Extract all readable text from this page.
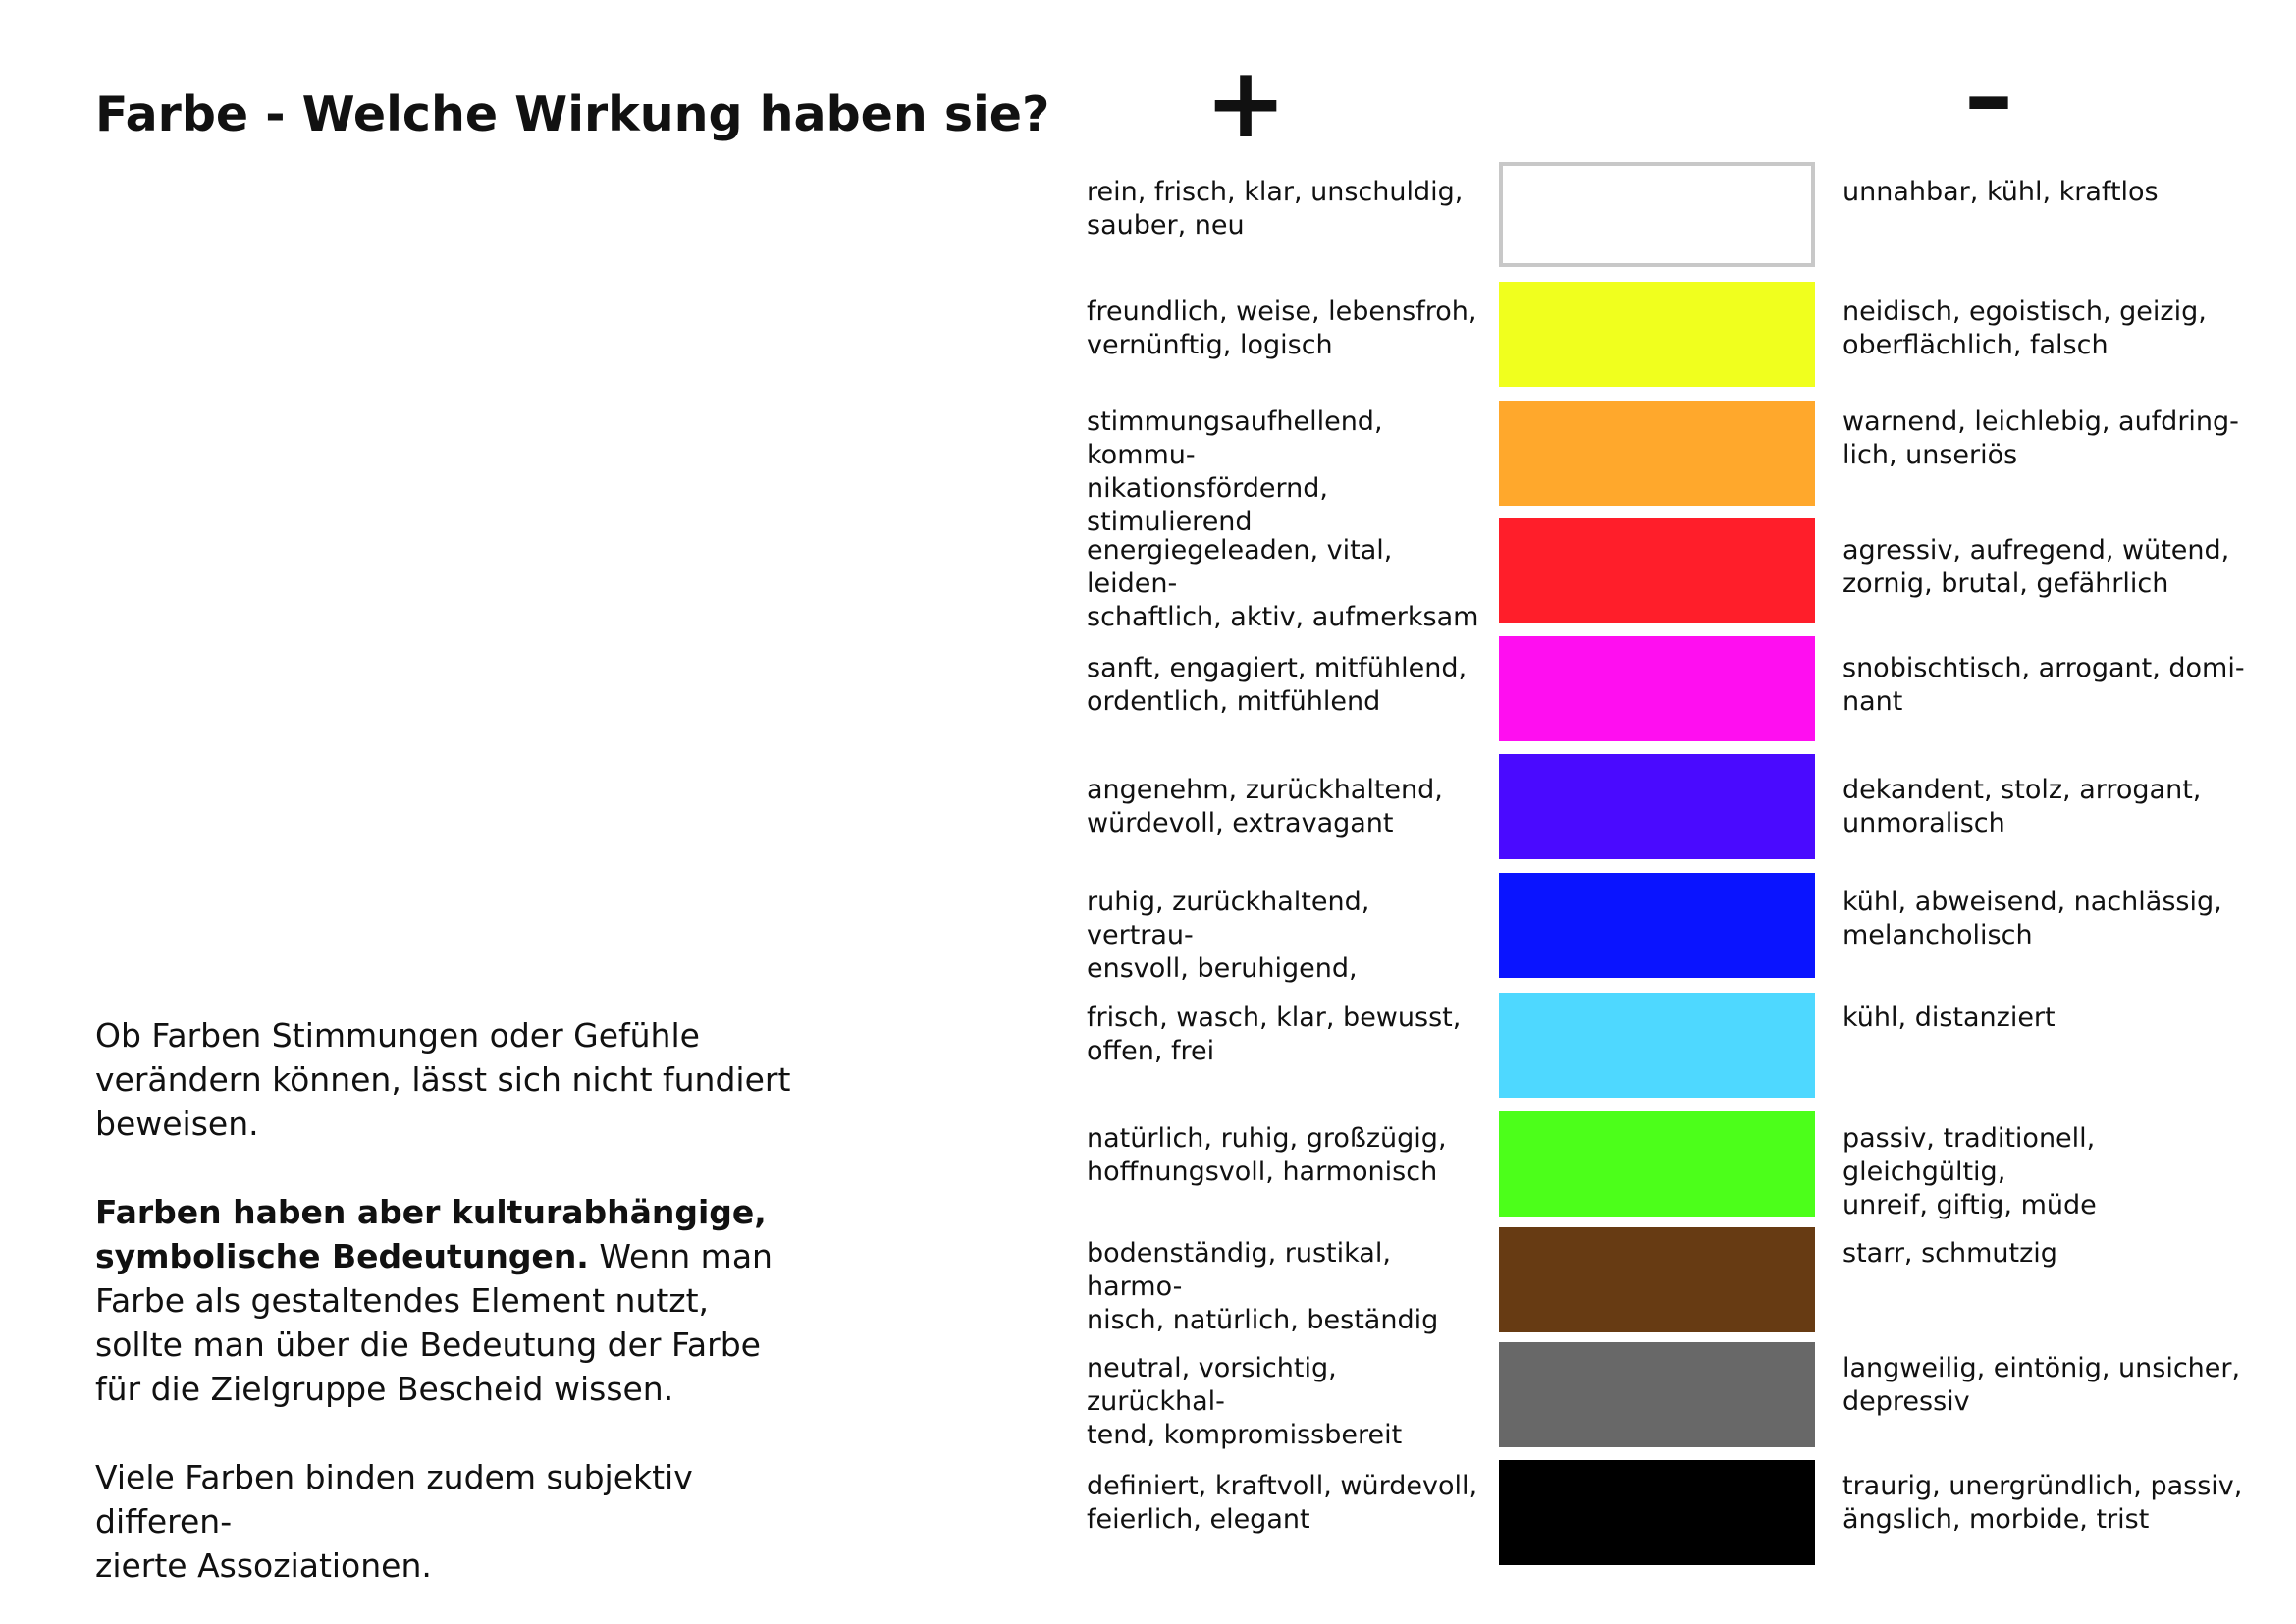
Farbe - Welche Wirkung haben sie? +	–

Ob Farben Stimmungen oder Gefühle verändern können, lässt sich nicht fundiert beweisen.

Farben haben aber kulturabhängige, symbolische Bedeutungen. Wenn man Farbe als gestaltendes Element nutzt, sollte man über die Bedeutung der Farbe für die Zielgruppe Bescheid wissen.

Viele Farben binden zudem subjektiv differen-
zierte Assoziationen.

rein, frisch, klar, unschuldig,
sauber, neu
unnahbar, kühl, kraftlos
freundlich, weise, lebensfroh,
vernünftig, logisch
neidisch, egoistisch, geizig,
oberflächlich, falsch
stimmungsaufhellend, kommu-
nikationsfördernd, stimulierend
warnend, leichlebig, aufdring-
lich, unseriös
energiegeleaden, vital, leiden-
schaftlich, aktiv, aufmerksam
agressiv, aufregend, wütend,
zornig, brutal, gefährlich
sanft, engagiert, mitfühlend,
ordentlich, mitfühlend
snobischtisch, arrogant, domi-
nant
angenehm, zurückhaltend,
würdevoll, extravagant
dekandent, stolz, arrogant,
unmoralisch
ruhig, zurückhaltend, vertrau-
ensvoll, beruhigend,
kühl, abweisend, nachlässig,
melancholisch
frisch, wasch, klar, bewusst,
offen, frei
kühl, distanziert
natürlich, ruhig, großzügig,
hoffnungsvoll, harmonisch
passiv, traditionell, gleichgültig,
unreif, giftig, müde
bodenständig, rustikal, harmo-
nisch, natürlich, beständig
starr, schmutzig
neutral, vorsichtig, zurückhal-
tend, kompromissbereit
langweilig, eintönig, unsicher,
depressiv
definiert, kraftvoll, würdevoll,
feierlich, elegant
traurig, unergründlich, passiv,
ängslich, morbide, trist
